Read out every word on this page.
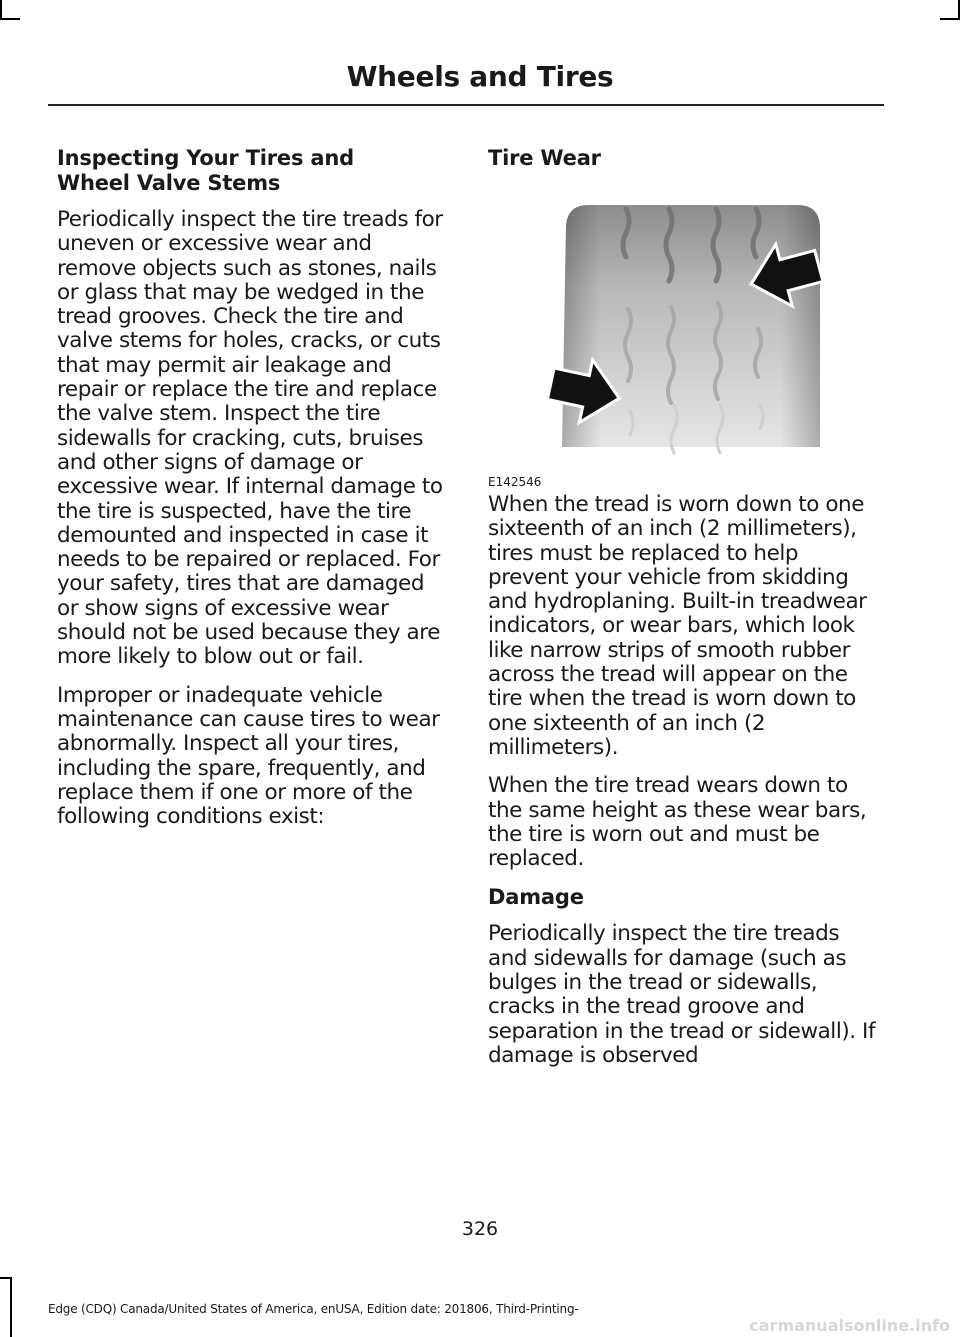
Wheels and Tires
Inspecting Your Tires and
Wheel Valve Stems

Periodically inspect the tire treads for uneven or excessive wear and remove objects such as stones, nails or glass that may be wedged in the tread grooves. Check the tire and valve stems for holes, cracks, or cuts that may permit air leakage and repair or replace the tire and replace the valve stem. Inspect the tire sidewalls for cracking, cuts, bruises and other signs of damage or excessive wear. If internal damage to the tire is suspected, have the tire demounted and inspected in case it needs to be repaired or replaced. For your safety, tires that are damaged or show signs of excessive wear should not be used because they are more likely to blow out or fail.

Improper or inadequate vehicle maintenance can cause tires to wear abnormally. Inspect all your tires, including the spare, frequently, and replace them if one or more of the following conditions exist:

Tire Wear
E142546

When the tread is worn down to one sixteenth of an inch (2 millimeters), tires must be replaced to help prevent your vehicle from skidding and hydroplaning. Built-in treadwear indicators, or wear bars, which look like narrow strips of smooth rubber across the tread will appear on the tire when the tread is worn down to one sixteenth of an inch (2 millimeters).

When the tire tread wears down to the same height as these wear bars, the tire is worn out and must be replaced.

Damage

Periodically inspect the tire treads and sidewalls for damage (such as bulges in the tread or sidewalls, cracks in the tread groove and separation in the tread or sidewall). If damage is observed

326
Edge (CDQ) Canada/United States of America, enUSA, Edition date: 201806, Third-Printing-
carmanualsonline.info
